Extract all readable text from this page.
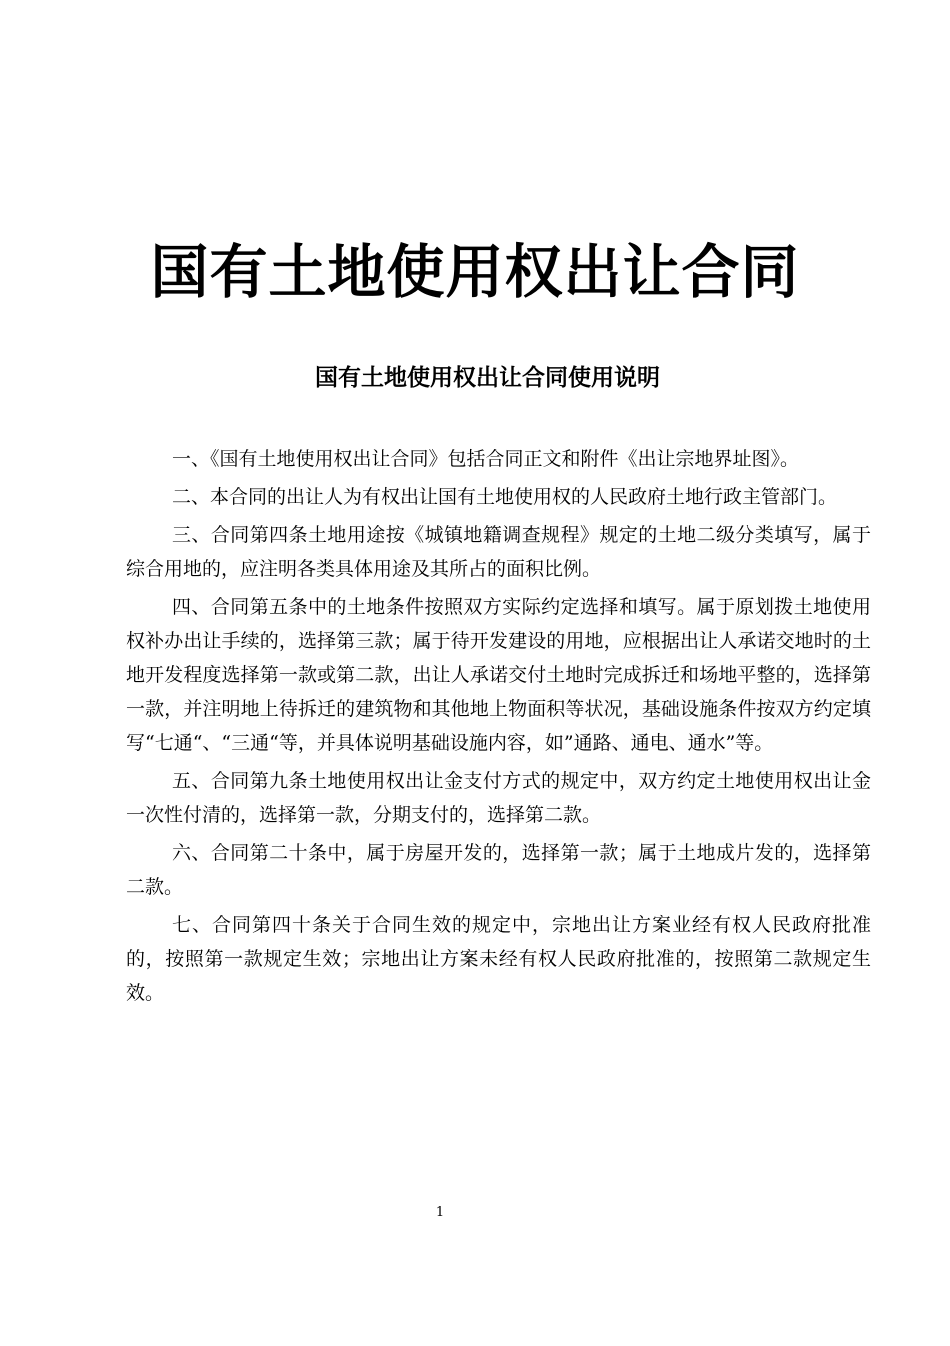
国有土地使用权出让合同
国有土地使用权出让合同使用说明

一、《国有土地使用权出让合同》包括合同正文和附件《出让宗地界址图》。

二、本合同的出让人为有权出让国有土地使用权的人民政府土地行政主管部门。

三、合同第四条土地用途按《城镇地籍调查规程》规定的土地二级分类填写，属于综合用地的，应注明各类具体用途及其所占的面积比例。

四、合同第五条中的土地条件按照双方实际约定选择和填写。属于原划拨土地使用权补办出让手续的，选择第三款；属于待开发建设的用地，应根据出让人承诺交地时的土地开发程度选择第一款或第二款，出让人承诺交付土地时完成拆迁和场地平整的，选择第一款，并注明地上待拆迁的建筑物和其他地上物面积等状况，基础设施条件按双方约定填写“七通“、“三通“等，并具体说明基础设施内容，如”通路、通电、通水”等。

五、合同第九条土地使用权出让金支付方式的规定中，双方约定土地使用权出让金一次性付清的，选择第一款，分期支付的，选择第二款。

六、合同第二十条中，属于房屋开发的，选择第一款；属于土地成片发的，选择第二款。

七、合同第四十条关于合同生效的规定中，宗地出让方案业经有权人民政府批准的，按照第一款规定生效；宗地出让方案未经有权人民政府批准的，按照第二款规定生效。

1
